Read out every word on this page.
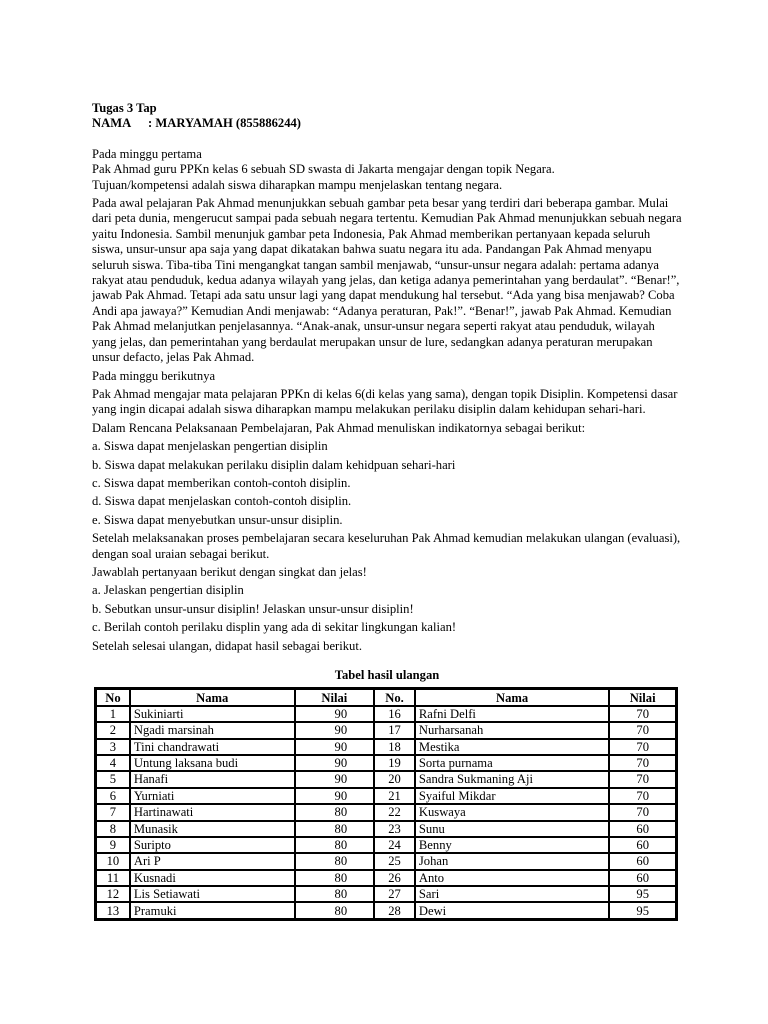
Tugas 3 Tap
NAMA : MARYAMAH (855886244)

Pada minggu pertama

Pak Ahmad guru PPKn kelas 6 sebuah SD swasta di Jakarta mengajar dengan topik Negara.

Tujuan/kompetensi adalah siswa diharapkan mampu menjelaskan tentang negara.

Pada awal pelajaran Pak Ahmad menunjukkan sebuah gambar peta besar yang terdiri dari beberapa gambar. Mulai dari peta dunia, mengerucut sampai pada sebuah negara tertentu. Kemudian Pak Ahmad menunjukkan sebuah negara yaitu Indonesia. Sambil menunjuk gambar peta Indonesia, Pak Ahmad memberikan pertanyaan kepada seluruh siswa, unsur-unsur apa saja yang dapat dikatakan bahwa suatu negara itu ada. Pandangan Pak Ahmad menyapu seluruh siswa. Tiba-tiba Tini mengangkat tangan sambil menjawab, “unsur-unsur negara adalah: pertama adanya rakyat atau penduduk, kedua adanya wilayah yang jelas, dan ketiga adanya pemerintahan yang berdaulat”. “Benar!”, jawab Pak Ahmad. Tetapi ada satu unsur lagi yang dapat mendukung hal tersebut. “Ada yang bisa menjawab? Coba Andi apa jawaya?” Kemudian Andi menjawab: “Adanya peraturan, Pak!”. “Benar!”, jawab Pak Ahmad. Kemudian Pak Ahmad melanjutkan penjelasannya. “Anak-anak, unsur-unsur negara seperti rakyat atau penduduk, wilayah yang jelas, dan pemerintahan yang berdaulat merupakan unsur de lure, sedangkan adanya peraturan merupakan unsur defacto, jelas Pak Ahmad.

Pada minggu berikutnya

Pak Ahmad mengajar mata pelajaran PPKn di kelas 6(di kelas yang sama), dengan topik Disiplin. Kompetensi dasar yang ingin dicapai adalah siswa diharapkan mampu melakukan perilaku disiplin dalam kehidupan sehari-hari.

Dalam Rencana Pelaksanaan Pembelajaran, Pak Ahmad menuliskan indikatornya sebagai berikut:

a. Siswa dapat menjelaskan pengertian disiplin

b. Siswa dapat melakukan perilaku disiplin dalam kehidpuan sehari-hari

c. Siswa dapat memberikan contoh-contoh disiplin.

d. Siswa dapat menjelaskan contoh-contoh disiplin.

e. Siswa dapat menyebutkan unsur-unsur disiplin.

Setelah melaksanakan proses pembelajaran secara keseluruhan Pak Ahmad kemudian melakukan ulangan (evaluasi), dengan soal uraian sebagai berikut.

Jawablah pertanyaan berikut dengan singkat dan jelas!

a. Jelaskan pengertian disiplin

b. Sebutkan unsur-unsur disiplin! Jelaskan unsur-unsur disiplin!

c. Berilah contoh perilaku displin yang ada di sekitar lingkungan kalian!

Setelah selesai ulangan, didapat hasil sebagai berikut.

Tabel hasil ulangan
No	Nama	Nilai	No.	Nama	Nilai
1	Sukiniarti	90	16	Rafni Delfi	70
2	Ngadi marsinah	90	17	Nurharsanah	70
3	Tini chandrawati	90	18	Mestika	70
4	Untung laksana budi	90	19	Sorta purnama	70
5	Hanafi	90	20	Sandra Sukmaning Aji	70
6	Yurniati	90	21	Syaiful Mikdar	70
7	Hartinawati	80	22	Kuswaya	70
8	Munasik	80	23	Sunu	60
9	Suripto	80	24	Benny	60
10	Ari P	80	25	Johan	60
11	Kusnadi	80	26	Anto	60
12	Lis Setiawati	80	27	Sari	95
13	Pramuki	80	28	Dewi	95
